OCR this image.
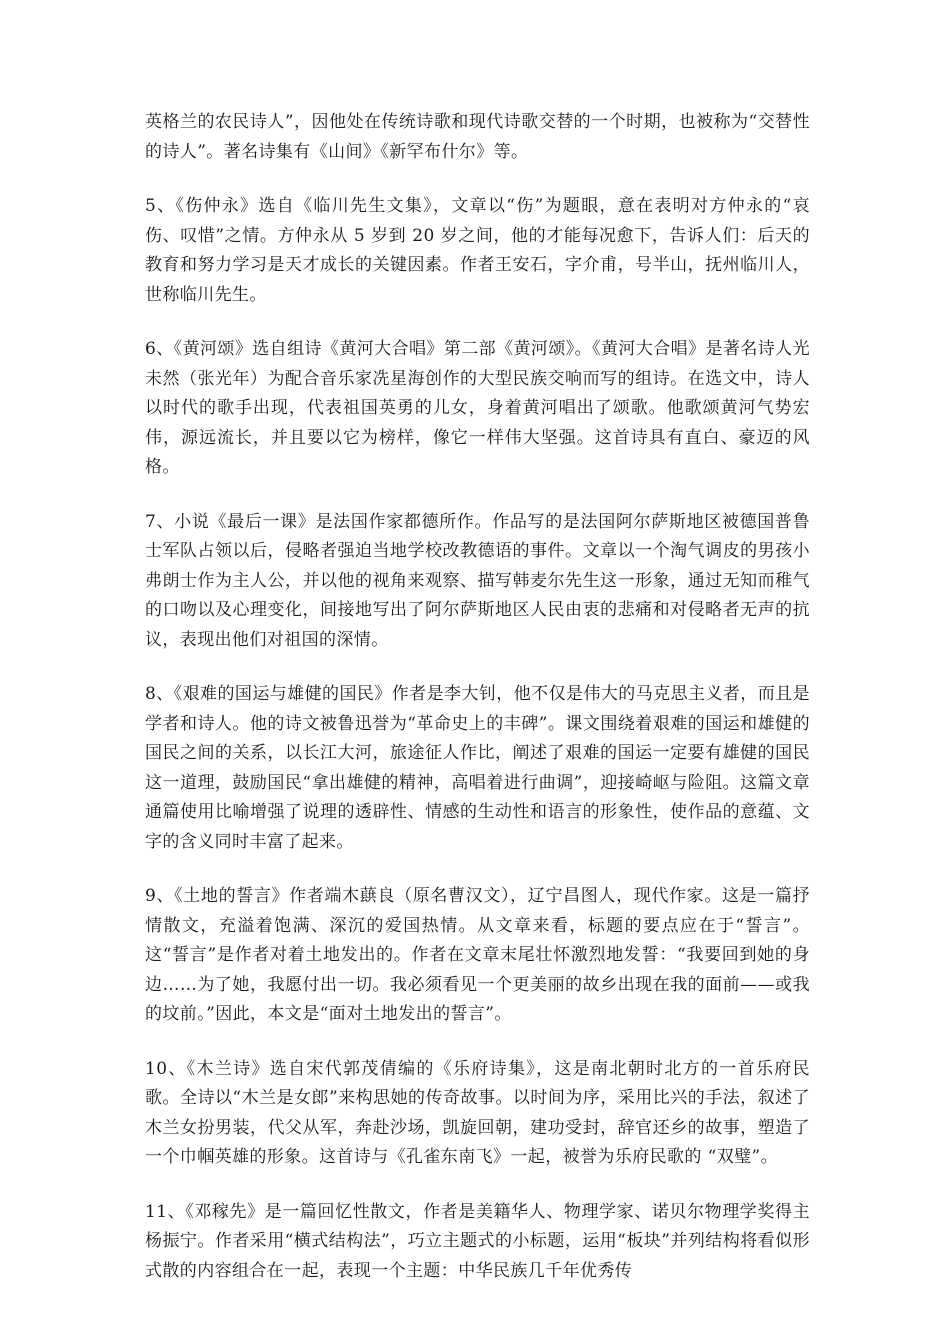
英格兰的农民诗人”，因他处在传统诗歌和现代诗歌交替的一个时期，也被称为“交替性的诗人”。著名诗集有《山间》《新罕布什尔》等。

5、《伤仲永》选自《临川先生文集》，文章以“伤”为题眼，意在表明对方仲永的“哀伤、叹惜”之情。方仲永从 5 岁到 20 岁之间，他的才能每况愈下，告诉人们：后天的教育和努力学习是天才成长的关键因素。作者王安石，字介甫，号半山，抚州临川人，世称临川先生。

6、《黄河颂》选自组诗《黄河大合唱》第二部《黄河颂》。《黄河大合唱》是著名诗人光未然（张光年）为配合音乐家冼星海创作的大型民族交响而写的组诗。在选文中，诗人以时代的歌手出现，代表祖国英勇的儿女，身着黄河唱出了颂歌。他歌颂黄河气势宏伟，源远流长，并且要以它为榜样，像它一样伟大坚强。这首诗具有直白、豪迈的风格。

7、小说《最后一课》是法国作家都德所作。作品写的是法国阿尔萨斯地区被德国普鲁士军队占领以后，侵略者强迫当地学校改教德语的事件。文章以一个淘气调皮的男孩小弗朗士作为主人公，并以他的视角来观察、描写韩麦尔先生这一形象，通过无知而稚气的口吻以及心理变化，间接地写出了阿尔萨斯地区人民由衷的悲痛和对侵略者无声的抗议，表现出他们对祖国的深情。

8、《艰难的国运与雄健的国民》作者是李大钊，他不仅是伟大的马克思主义者，而且是学者和诗人。他的诗文被鲁迅誉为“革命史上的丰碑”。课文围绕着艰难的国运和雄健的国民之间的关系，以长江大河，旅途征人作比，阐述了艰难的国运一定要有雄健的国民这一道理，鼓励国民“拿出雄健的精神，高唱着进行曲调”，迎接崎岖与险阻。这篇文章通篇使用比喻增强了说理的透辟性、情感的生动性和语言的形象性，使作品的意蕴、文字的含义同时丰富了起来。

9、《土地的誓言》作者端木蕻良（原名曹汉文），辽宁昌图人，现代作家。这是一篇抒情散文，充溢着饱满、深沉的爱国热情。从文章来看，标题的要点应在于“誓言”。这“誓言”是作者对着土地发出的。作者在文章末尾壮怀激烈地发誓：“我要回到她的身边……为了她，我愿付出一切。我必须看见一个更美丽的故乡出现在我的面前——或我的坟前。”因此，本文是“面对土地发出的誓言”。

10、《木兰诗》选自宋代郭茂倩编的《乐府诗集》，这是南北朝时北方的一首乐府民歌。全诗以“木兰是女郎”来构思她的传奇故事。以时间为序，采用比兴的手法，叙述了木兰女扮男装，代父从军，奔赴沙场，凯旋回朝，建功受封，辞官还乡的故事，塑造了一个巾帼英雄的形象。这首诗与《孔雀东南飞》一起，被誉为乐府民歌的 “双璧”。

11、《邓稼先》是一篇回忆性散文，作者是美籍华人、物理学家、诺贝尔物理学奖得主杨振宁。作者采用“横式结构法”，巧立主题式的小标题，运用“板块”并列结构将看似形式散的内容组合在一起，表现一个主题：中华民族几千年优秀传
